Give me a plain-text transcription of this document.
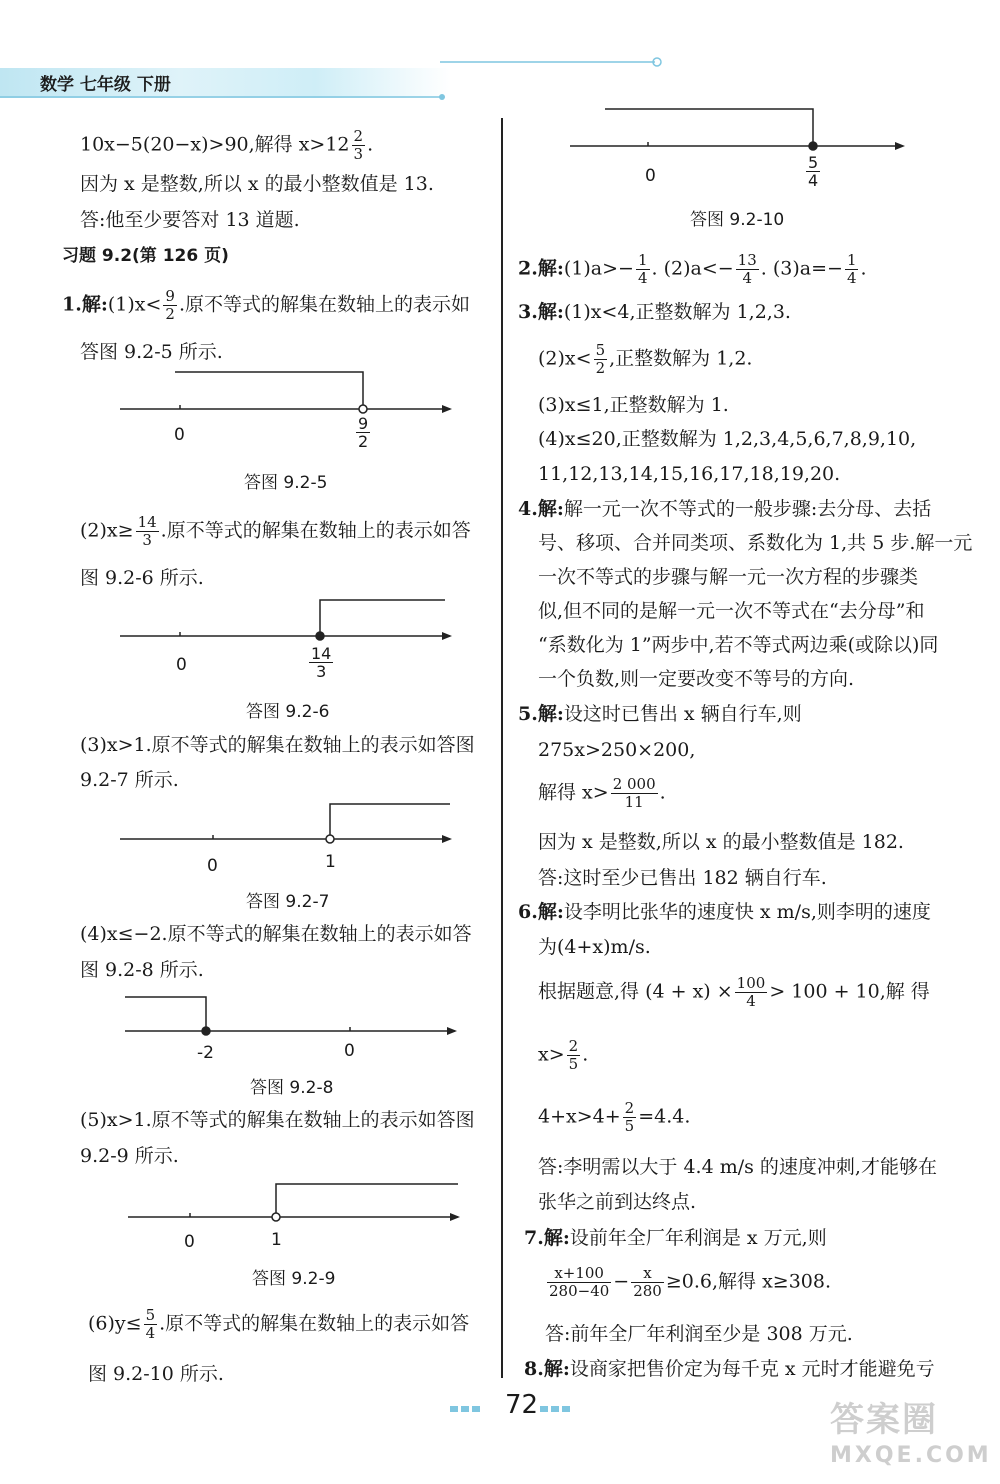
数学 七年级 下册
10x−5(20−x)>90,解得 $x>12 \frac{2}{3}$ .
因为 x 是整数,所以 x 的最小整数值是 13.
答:他至少要答对 13 道题.
习题 9.2(第 126 页)
1.解:(1)x< $\frac{9}{2}$ .原不等式的解集在数轴上的表示如
答图 9.2-5 所示.
0	$\frac{9}{2}$
答图 9.2-5
$(2)x\ge \frac{14}{3}$ .原不等式的解集在数轴上的表示如答
图 9.2-6 所示.
0	$\frac{14}{3}$
答图 9.2-6
(3)x>1.原不等式的解集在数轴上的表示如答图
9.2-7 所示.
0	1
答图 9.2-7
(4)x≤−2.原不等式的解集在数轴上的表示如答
图 9.2-8 所示.
-2	0
答图 9.2-8
(5)x>1.原不等式的解集在数轴上的表示如答图
9.2-9 所示.
0	1
答图 9.2-9
$(6)y\le \frac{5}{4}$ .原不等式的解集在数轴上的表示如答
图 9.2-10 所示.
0	$\frac{5}{4}$
答图 9.2-10
2.解:(1)a>− $\frac{1}{4}$ . $(2)a<- \frac{13}{4}$ . $(3)a=- \frac{1}{4}$ .
3.解:(1)x<4,正整数解为 1,2,3.
$(2)x< \frac{5}{2}$ ,正整数解为 1,2.
(3)x≤1,正整数解为 1.
(4)x≤20,正整数解为 1,2,3,4,5,6,7,8,9,10,
11,12,13,14,15,16,17,18,19,20.
4.解:解一元一次不等式的一般步骤:去分母、去括
号、移项、合并同类项、系数化为 1,共 5 步.解一元
一次不等式的步骤与解一元一次方程的步骤类
似,但不同的是解一元一次不等式在“去分母”和
“系数化为 1”两步中,若不等式两边乘(或除以)同
一个负数,则一定要改变不等号的方向.
5.解:设这时已售出 x 辆自行车,则
275x>250×200,
解得 $x> \frac{2 000}{11}$ .
因为 x 是整数,所以 x 的最小整数值是 182.
答:这时至少已售出 182 辆自行车.
6.解:设李明比张华的速度快 x m/s,则李明的速度
为(4+x)m/s.
根据题意,得 $(4 + x) \times \frac{100}{4} > 100 + 10$,解 得
$x> \frac{2}{5}$ .
$4+x>4+ \frac{2}{5} =4.4$.
答:李明需以大于 4.4 m/s 的速度冲刺,才能够在
张华之前到达终点.
7.解:设前年全厂年利润是 x 万元,则
$\frac{x+100}{280-40} - \frac{x}{280} \ge 0.6$,解得 x≥308.
答:前年全厂年利润至少是 308 万元.
8.解:设商家把售价定为每千克 x 元时才能避免亏
72	答案圈
MXQE.COM
